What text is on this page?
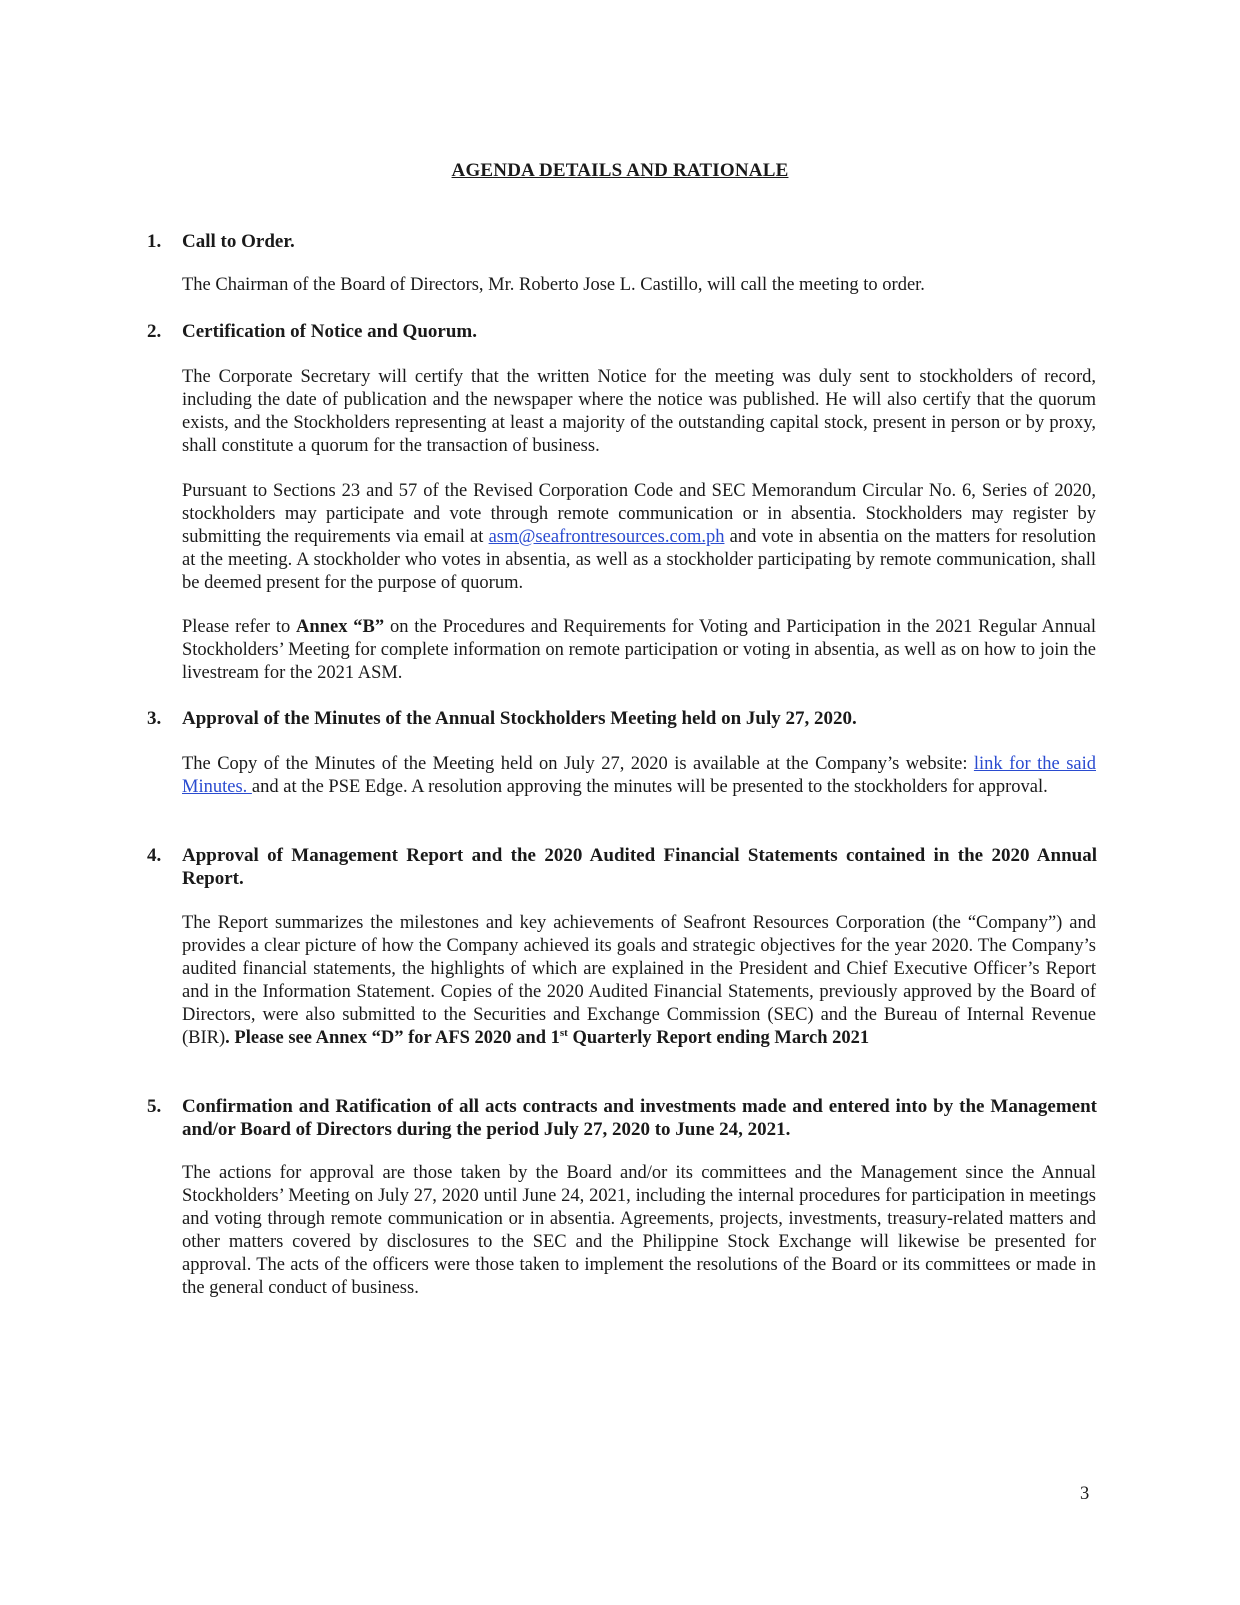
AGENDA DETAILS AND RATIONALE
1.	Call to Order.
The Chairman of the Board of Directors, Mr. Roberto Jose L. Castillo, will call the meeting to order.
2.	Certification of Notice and Quorum.
The Corporate Secretary will certify that the written Notice for the meeting was duly sent to stockholders of record, including the date of publication and the newspaper where the notice was published. He will also certify that the quorum exists, and the Stockholders representing at least a majority of the outstanding capital stock, present in person or by proxy, shall constitute a quorum for the transaction of business.
Pursuant to Sections 23 and 57 of the Revised Corporation Code and SEC Memorandum Circular No. 6, Series of 2020, stockholders may participate and vote through remote communication or in absentia. Stockholders may register by submitting the requirements via email at asm@seafrontresources.com.ph and vote in absentia on the matters for resolution at the meeting. A stockholder who votes in absentia, as well as a stockholder participating by remote communication, shall be deemed present for the purpose of quorum.
Please refer to Annex “B” on the Procedures and Requirements for Voting and Participation in the 2021 Regular Annual Stockholders’ Meeting for complete information on remote participation or voting in absentia, as well as on how to join the livestream for the 2021 ASM.
3.	Approval of the Minutes of the Annual Stockholders Meeting held on July 27, 2020.
The Copy of the Minutes of the Meeting held on July 27, 2020 is available at the Company’s website: link for the said Minutes. and at the PSE Edge. A resolution approving the minutes will be presented to the stockholders for approval.
4.	Approval of Management Report and the 2020 Audited Financial Statements contained in the 2020 Annual Report.
The Report summarizes the milestones and key achievements of Seafront Resources Corporation (the “Company”) and provides a clear picture of how the Company achieved its goals and strategic objectives for the year 2020. The Company’s audited financial statements, the highlights of which are explained in the President and Chief Executive Officer’s Report and in the Information Statement. Copies of the 2020 Audited Financial Statements, previously approved by the Board of Directors, were also submitted to the Securities and Exchange Commission (SEC) and the Bureau of Internal Revenue (BIR). Please see Annex “D” for AFS 2020 and 1st Quarterly Report ending March 2021
5.	Confirmation and Ratification of all acts contracts and investments made and entered into by the Management and/or Board of Directors during the period July 27, 2020 to June 24, 2021.
The actions for approval are those taken by the Board and/or its committees and the Management since the Annual Stockholders’ Meeting on July 27, 2020 until June 24, 2021, including the internal procedures for participation in meetings and voting through remote communication or in absentia. Agreements, projects, investments, treasury-related matters and other matters covered by disclosures to the SEC and the Philippine Stock Exchange will likewise be presented for approval. The acts of the officers were those taken to implement the resolutions of the Board or its committees or made in the general conduct of business.
3
